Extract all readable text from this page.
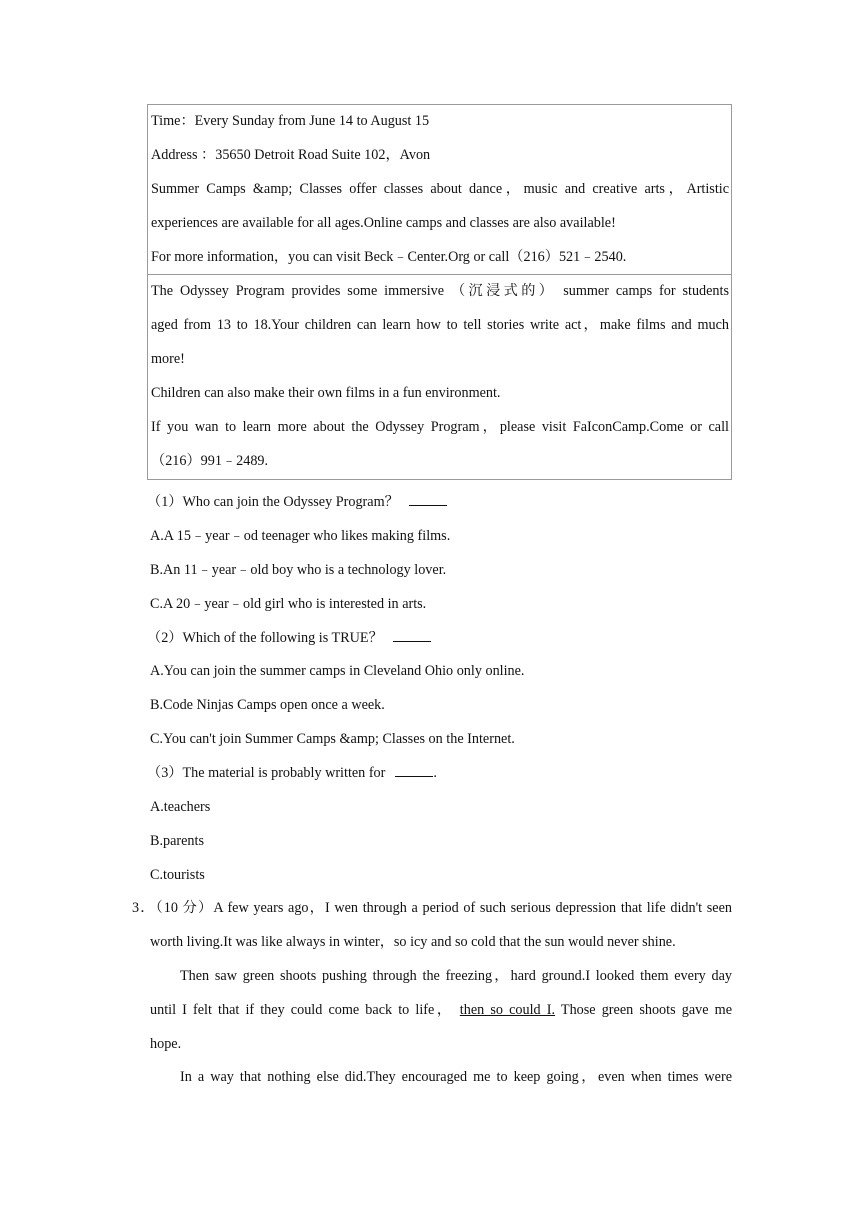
Time：Every Sunday from June 14 to August 15
Address ：35650 Detroit Road Suite 102，Avon
Summer Camps &amp; Classes offer classes about dance，music and creative arts，Artistic
experiences are available for all ages.Online camps and classes are also available!
For more information，you can visit Beck﹣Center.Org or call（216）521﹣2540.
The Odyssey Program provides some immersive （沉浸式的） summer camps for students
aged from 13 to 18.Your children can learn how to tell stories write act，make films and much
more!
Children can also make their own films in a fun environment.
If you wan to learn more about the Odyssey Program，please visit FaIconCamp.Come or call
（216）991﹣2489.
（1）Who can join the Odyssey Program？
A.A 15﹣year﹣od teenager who likes making films.
B.An 11﹣year﹣old boy who is a technology lover.
C.A 20﹣year﹣old girl who is interested in arts.
（2）Which of the following is TRUE？
A.You can join the summer camps in Cleveland Ohio only online.
B.Code Ninjas Camps open once a week.
C.You can't join Summer Camps &amp; Classes on the Internet.
（3）The material is probably written for	.
A.teachers
B.parents
C.tourists
3．（10 分）A few years ago，I wen through a period of such serious depression that life didn't seen
worth living.It was like always in winter，so icy and so cold that the sun would never shine.
Then saw green shoots pushing through the freezing，hard ground.I looked them every day
until I felt that if they could come back to life， then so could I. Those green shoots gave me
hope.
In a way that nothing else did.They encouraged me to keep going，even when times were
